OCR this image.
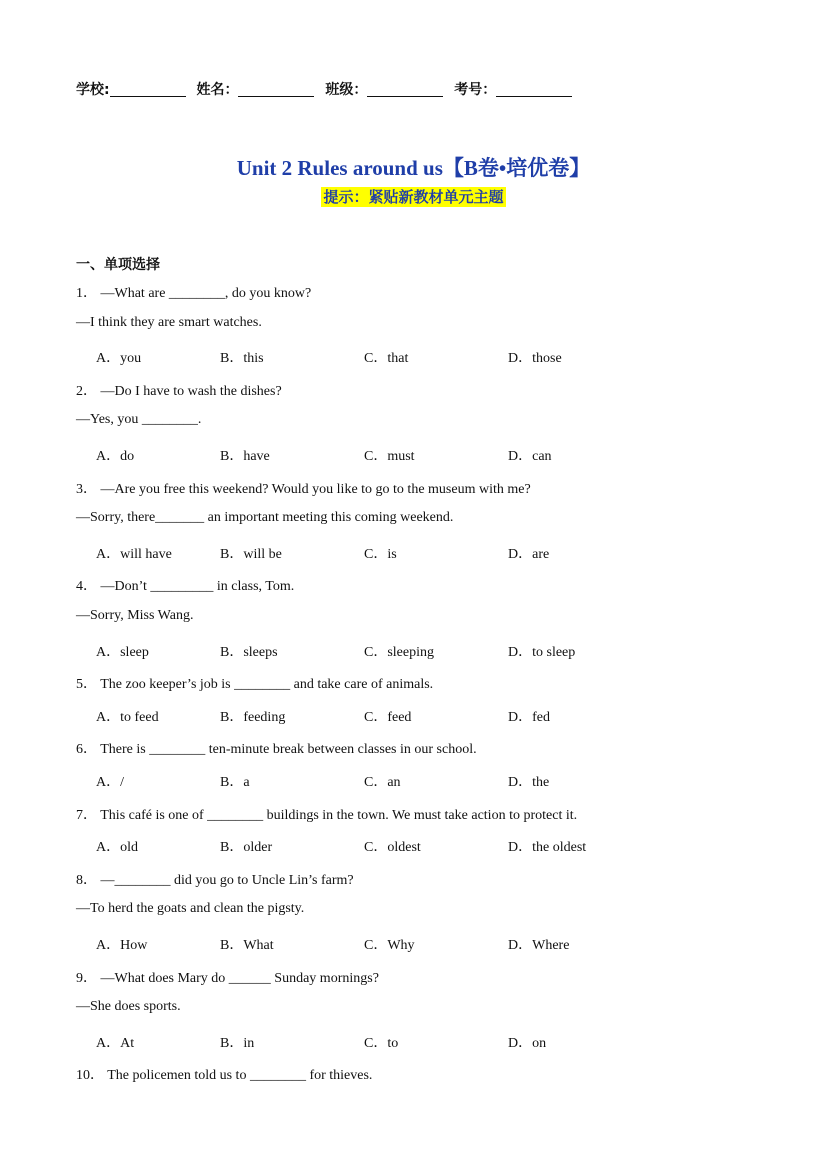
学校:	姓名：	班级：	考号：
Unit 2 Rules around us【B卷•培优卷】
提示：紧贴新教材单元主题
一、单项选择
1． —What are ________, do you know?
—I think they are smart watches.
A．you	B．this	C．that	D．those
2． —Do I have to wash the dishes?
—Yes, you ________.
A．do	B．have	C．must	D．can
3． —Are you free this weekend? Would you like to go to the museum with me?
—Sorry, there_______ an important meeting this coming weekend.
A．will have	B．will be	C．is	D．are
4． —Don’t _________ in class, Tom.
—Sorry, Miss Wang.
A．sleep	B．sleeps	C．sleeping	D．to sleep
5． The zoo keeper’s job is ________ and take care of animals.
A．to feed	B．feeding	C．feed	D．fed
6． There is ________ ten-minute break between classes in our school.
A．/	B．a	C．an	D．the
7． This café is one of ________ buildings in the town. We must take action to protect it.
A．old	B．older	C．oldest	D．the oldest
8． —________ did you go to Uncle Lin’s farm?
—To herd the goats and clean the pigsty.
A．How	B．What	C．Why	D．Where
9． —What does Mary do ______ Sunday mornings?
—She does sports.
A．At	B．in	C．to	D．on
10． The policemen told us to ________ for thieves.
